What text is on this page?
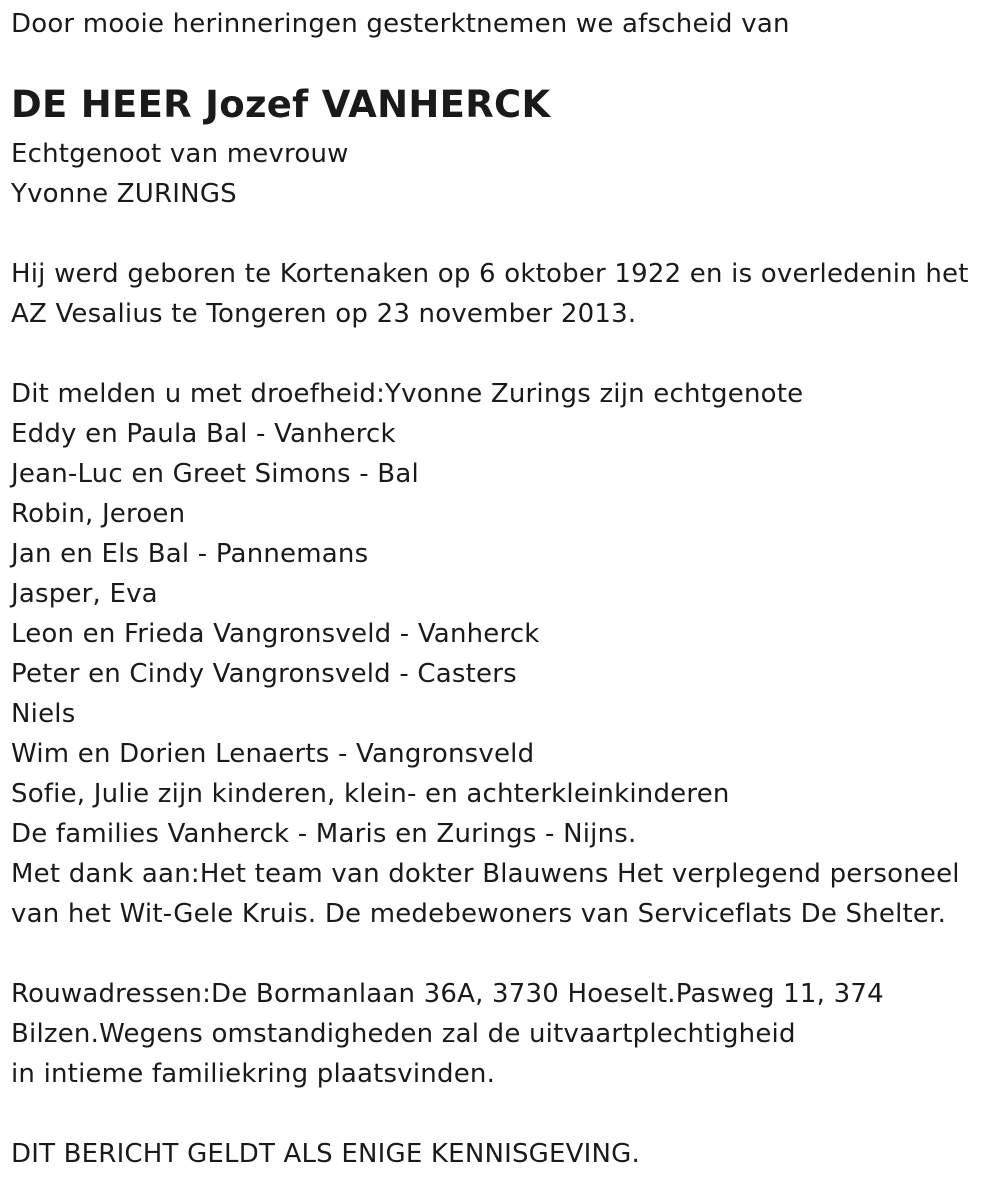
Door mooie herinneringen gesterktnemen we afscheid van
DE HEER Jozef VANHERCK
Echtgenoot van mevrouw
Yvonne ZURINGS
Hij werd geboren te Kortenaken op 6 oktober 1922 en is overledenin het
AZ Vesalius te Tongeren op 23 november 2013.
Dit melden u met droefheid:Yvonne Zurings zijn echtgenote
Eddy en Paula Bal - Vanherck
Jean-Luc en Greet Simons - Bal
Robin, Jeroen
Jan en Els Bal - Pannemans
Jasper, Eva
Leon en Frieda Vangronsveld - Vanherck
Peter en Cindy Vangronsveld - Casters
Niels
Wim en Dorien Lenaerts - Vangronsveld
Sofie, Julie zijn kinderen, klein- en achterkleinkinderen
De families Vanherck - Maris en Zurings - Nijns.
Met dank aan:Het team van dokter Blauwens Het verplegend personeel
van het Wit-Gele Kruis. De medebewoners van Serviceflats De Shelter.
Rouwadressen:De Bormanlaan 36A, 3730 Hoeselt.Pasweg 11, 374
Bilzen.Wegens omstandigheden zal de uitvaartplechtigheid
in intieme familiekring plaatsvinden.
DIT BERICHT GELDT ALS ENIGE KENNISGEVING.
